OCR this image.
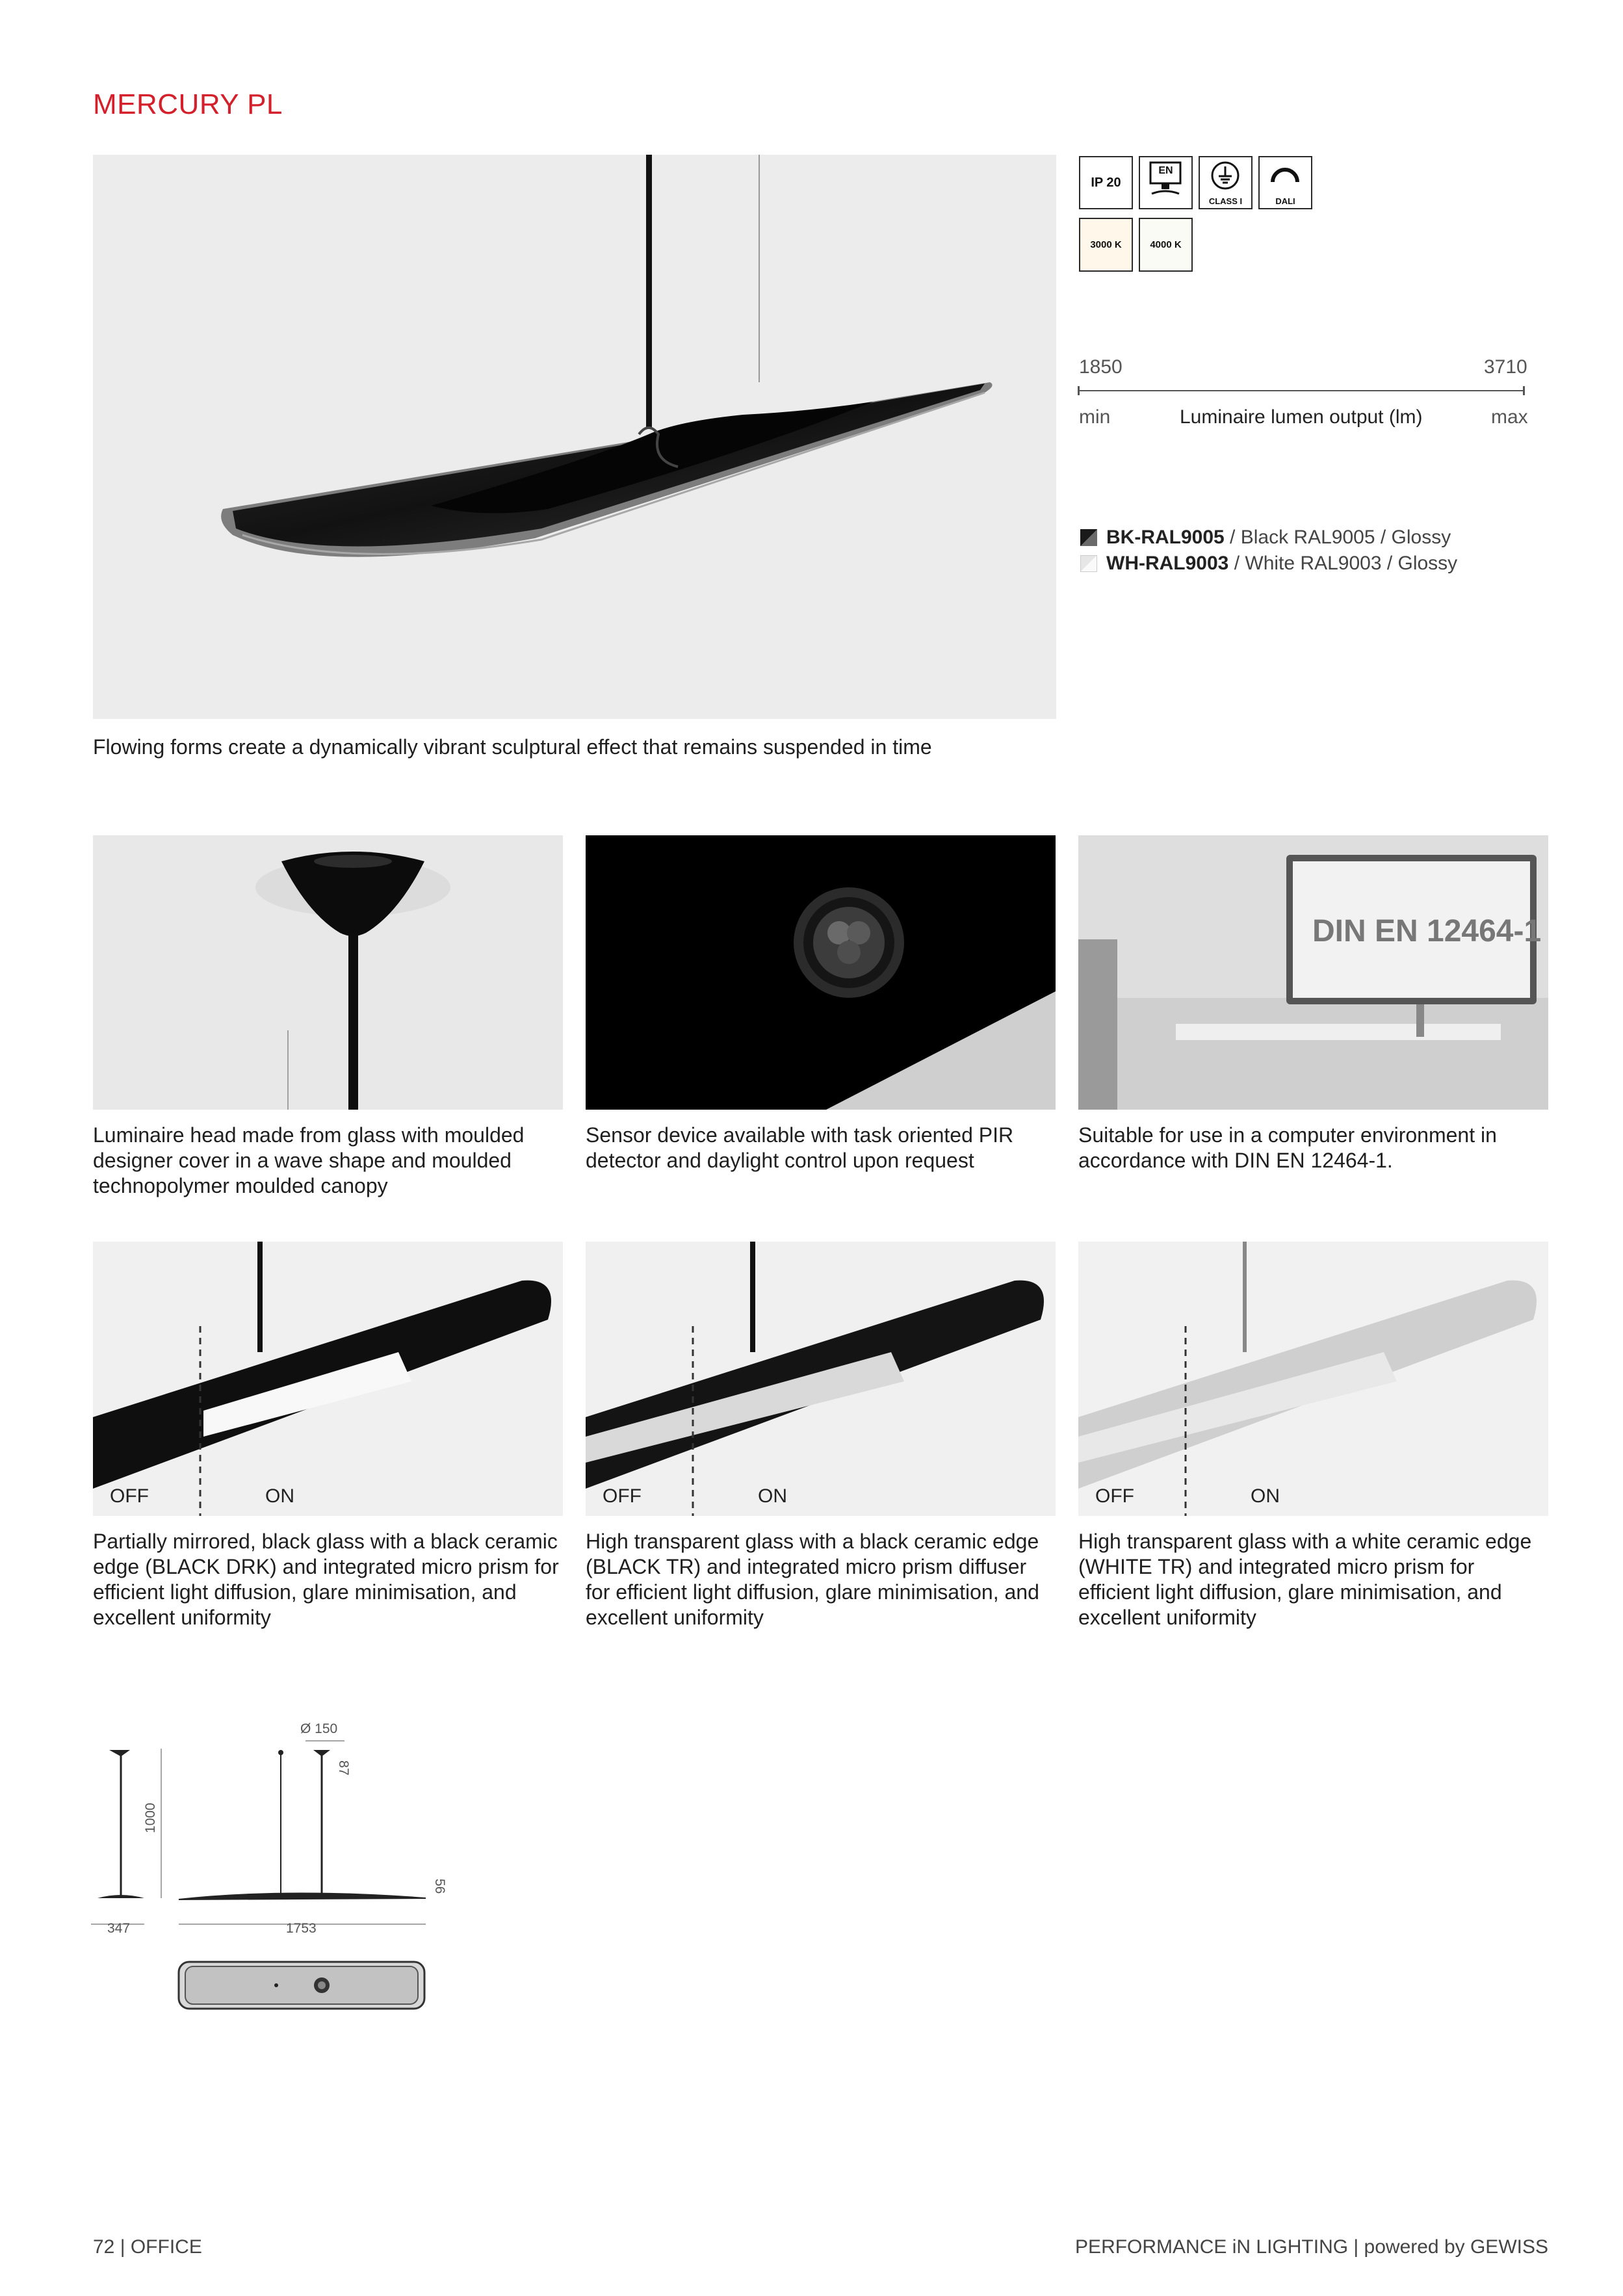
MERCURY PL
Flowing forms create a dynamically vibrant sculptural effect that remains suspended in time
IP 20
EN
CLASS I	DALI
3000 K	4000 K
1850	3710
min	Luminaire lumen output (lm)	max
BK-RAL9005 / Black RAL9005 / Glossy
WH-RAL9003 / White RAL9003 / Glossy
DIN EN 12464-1
Luminaire head made from glass with moulded designer cover in a wave shape and moulded technopolymer moulded canopy
Sensor device available with task oriented PIR detector and daylight control upon request
Suitable for use in a computer environment in accordance with DIN EN 12464-1.
OFF	ON	OFF	ON	OFF	ON
Partially mirrored, black glass with a black ceramic edge (BLACK DRK) and integrated micro prism for efficient light diffusion, glare minimisation, and excellent uniformity
High transparent glass with a black ceramic edge (BLACK TR) and integrated micro prism diffuser for efficient light diffusion, glare minimisation, and excellent uniformity
High transparent glass with a white ceramic edge (WHITE TR) and integrated micro prism for efficient light diffusion, glare minimisation, and excellent uniformity
Ø 150
87
1000
56
347	1753
72 | OFFICE	PERFORMANCE iN LIGHTING | powered by GEWISS
